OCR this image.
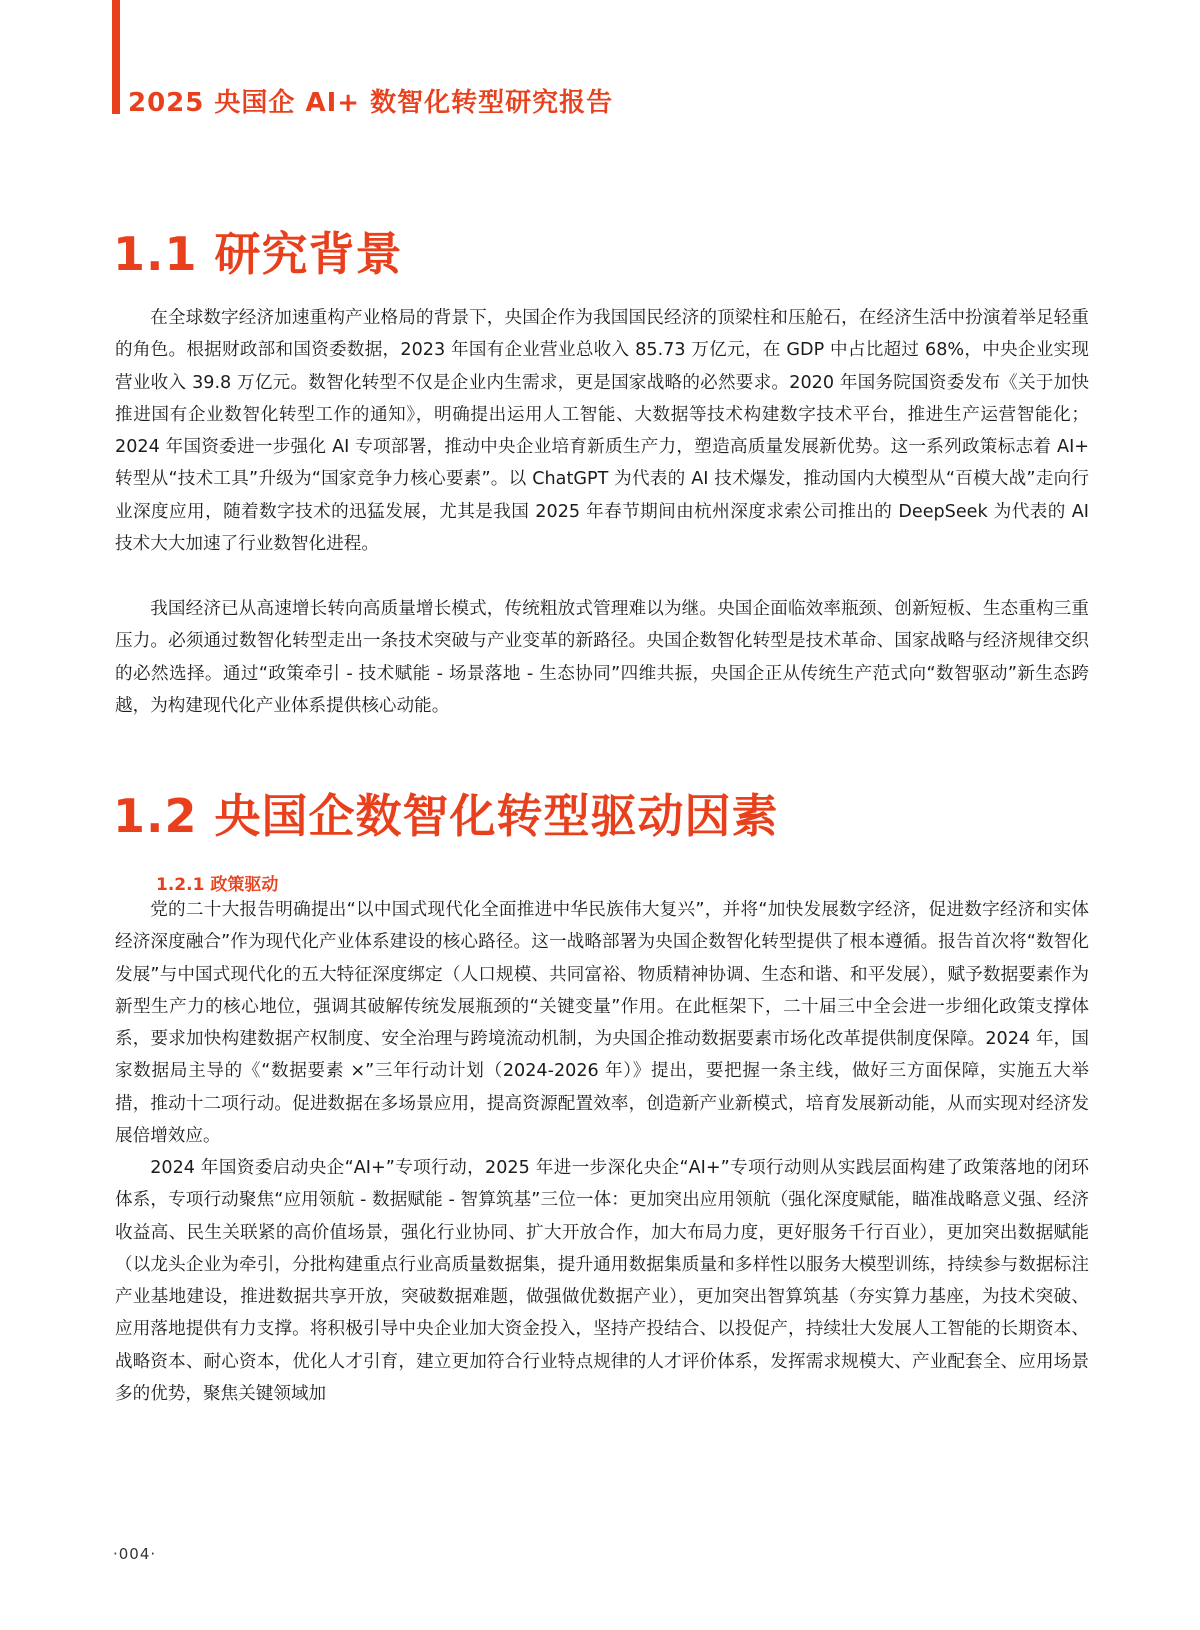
2025 央国企 AI+ 数智化转型研究报告
1.1 研究背景

在全球数字经济加速重构产业格局的背景下，央国企作为我国国民经济的顶梁柱和压舱石，在经济生活中扮演着举足轻重的角色。根据财政部和国资委数据，2023 年国有企业营业总收入 85.73 万亿元，在 GDP 中占比超过 68%，中央企业实现营业收入 39.8 万亿元。数智化转型不仅是企业内生需求，更是国家战略的必然要求。2020 年国务院国资委发布《关于加快推进国有企业数智化转型工作的通知》，明确提出运用人工智能、大数据等技术构建数字技术平台，推进生产运营智能化；2024 年国资委进一步强化 AI 专项部署，推动中央企业培育新质生产力，塑造高质量发展新优势。这一系列政策标志着 AI+ 转型从“技术工具”升级为“国家竞争力核心要素”。以 ChatGPT 为代表的 AI 技术爆发，推动国内大模型从“百模大战”走向行业深度应用，随着数字技术的迅猛发展，尤其是我国 2025 年春节期间由杭州深度求索公司推出的 DeepSeek 为代表的 AI 技术大大加速了行业数智化进程。

我国经济已从高速增长转向高质量增长模式，传统粗放式管理难以为继。央国企面临效率瓶颈、创新短板、生态重构三重压力。必须通过数智化转型走出一条技术突破与产业变革的新路径。央国企数智化转型是技术革命、国家战略与经济规律交织的必然选择。通过“政策牵引 - 技术赋能 - 场景落地 - 生态协同”四维共振，央国企正从传统生产范式向“数智驱动”新生态跨越，为构建现代化产业体系提供核心动能。

1.2 央国企数智化转型驱动因素
1.2.1 政策驱动

党的二十大报告明确提出“以中国式现代化全面推进中华民族伟大复兴”，并将“加快发展数字经济，促进数字经济和实体经济深度融合”作为现代化产业体系建设的核心路径。这一战略部署为央国企数智化转型提供了根本遵循。报告首次将“数智化发展”与中国式现代化的五大特征深度绑定（人口规模、共同富裕、物质精神协调、生态和谐、和平发展），赋予数据要素作为新型生产力的核心地位，强调其破解传统发展瓶颈的“关键变量”作用。在此框架下，二十届三中全会进一步细化政策支撑体系，要求加快构建数据产权制度、安全治理与跨境流动机制，为央国企推动数据要素市场化改革提供制度保障。2024 年，国家数据局主导的《“数据要素 ×”三年行动计划（2024-2026 年）》提出，要把握一条主线，做好三方面保障，实施五大举措，推动十二项行动。促进数据在多场景应用，提高资源配置效率，创造新产业新模式，培育发展新动能，从而实现对经济发展倍增效应。

2024 年国资委启动央企“AI+”专项行动，2025 年进一步深化央企“AI+”专项行动则从实践层面构建了政策落地的闭环体系，专项行动聚焦“应用领航 - 数据赋能 - 智算筑基”三位一体：更加突出应用领航（强化深度赋能，瞄准战略意义强、经济收益高、民生关联紧的高价值场景，强化行业协同、扩大开放合作，加大布局力度，更好服务千行百业），更加突出数据赋能（以龙头企业为牵引，分批构建重点行业高质量数据集，提升通用数据集质量和多样性以服务大模型训练，持续参与数据标注产业基地建设，推进数据共享开放，突破数据难题，做强做优数据产业），更加突出智算筑基（夯实算力基座，为技术突破、应用落地提供有力支撑。将积极引导中央企业加大资金投入，坚持产投结合、以投促产，持续壮大发展人工智能的长期资本、战略资本、耐心资本，优化人才引育，建立更加符合行业特点规律的人才评价体系，发挥需求规模大、产业配套全、应用场景多的优势，聚焦关键领域加

·004·
